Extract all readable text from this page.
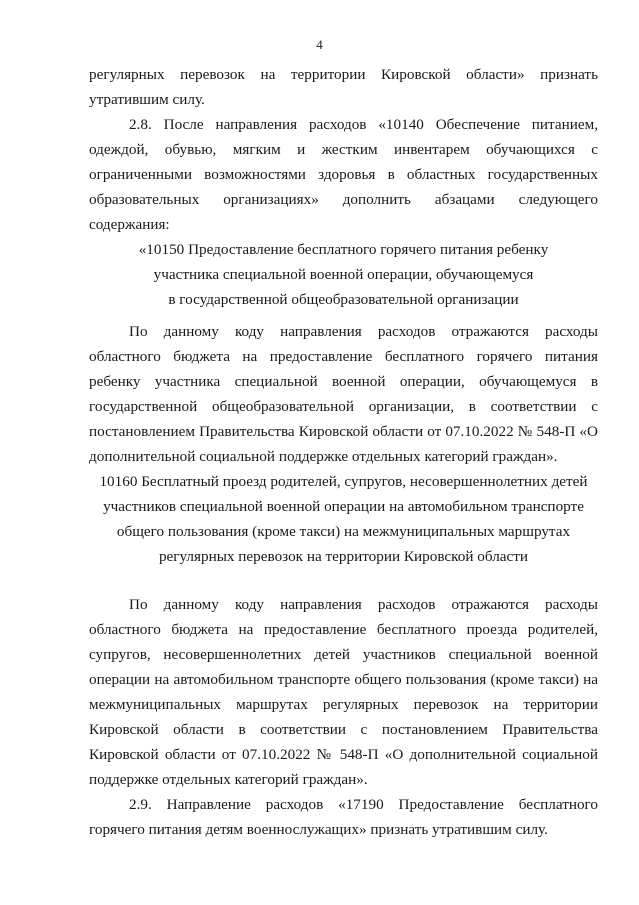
4

регулярных перевозок на территории Кировской области» признать утратившим силу.

2.8. После направления расходов «10140 Обеспечение питанием, одеждой, обувью, мягким и жестким инвентарем обучающихся с ограниченными возможностями здоровья в областных государственных образовательных организациях» дополнить абзацами следующего содержания:

«10150 Предоставление бесплатного горячего питания ребенку

участника специальной военной операции, обучающемуся

в государственной общеобразовательной организации

По данному коду направления расходов отражаются расходы областного бюджета на предоставление бесплатного горячего питания ребенку участника специальной военной операции, обучающемуся в государственной общеобразовательной организации, в соответствии с постановлением Правительства Кировской области от 07.10.2022 № 548-П «О дополнительной социальной поддержке отдельных категорий граждан».

10160 Бесплатный проезд родителей, супругов, несовершеннолетних детей

участников специальной военной операции на автомобильном транспорте

общего пользования (кроме такси) на межмуниципальных маршрутах

регулярных перевозок на территории Кировской области

По данному коду направления расходов отражаются расходы областного бюджета на предоставление бесплатного проезда родителей, супругов, несовершеннолетних детей участников специальной военной операции на автомобильном транспорте общего пользования (кроме такси) на межмуниципальных маршрутах регулярных перевозок на территории Кировской области в соответствии с постановлением Правительства Кировской области от 07.10.2022 № 548-П «О дополнительной социальной поддержке отдельных категорий граждан».

2.9. Направление расходов «17190 Предоставление бесплатного горячего питания детям военнослужащих» признать утратившим силу.
